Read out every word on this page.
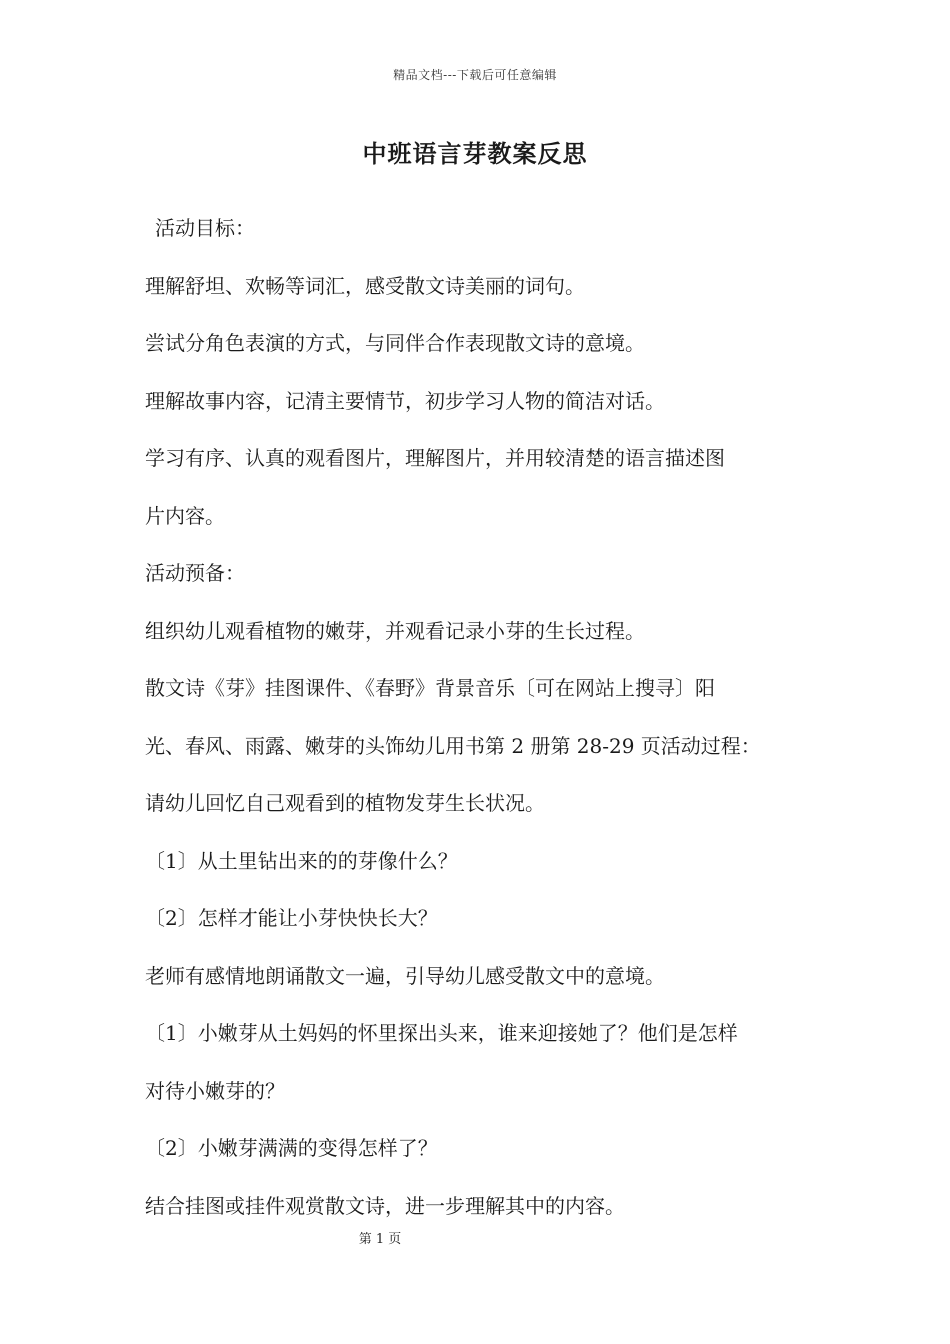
精品文档---下载后可任意编辑
中班语言芽教案反思

活动目标：

理解舒坦、欢畅等词汇，感受散文诗美丽的词句。

尝试分角色表演的方式，与同伴合作表现散文诗的意境。

理解故事内容，记清主要情节，初步学习人物的简洁对话。

学习有序、认真的观看图片，理解图片，并用较清楚的语言描述图

片内容。

活动预备：

组织幼儿观看植物的嫩芽，并观看记录小芽的生长过程。

散文诗《芽》挂图课件、《春野》背景音乐〔可在网站上搜寻〕阳

光、春风、雨露、嫩芽的头饰幼儿用书第 2 册第 28-29 页活动过程：

请幼儿回忆自己观看到的植物发芽生长状况。

〔1〕从土里钻出来的的芽像什么？

〔2〕怎样才能让小芽快快长大？

老师有感情地朗诵散文一遍，引导幼儿感受散文中的意境。

〔1〕小嫩芽从土妈妈的怀里探出头来，谁来迎接她了？他们是怎样

对待小嫩芽的？

〔2〕小嫩芽满满的变得怎样了？

结合挂图或挂件观赏散文诗，进一步理解其中的内容。

第 1 页
